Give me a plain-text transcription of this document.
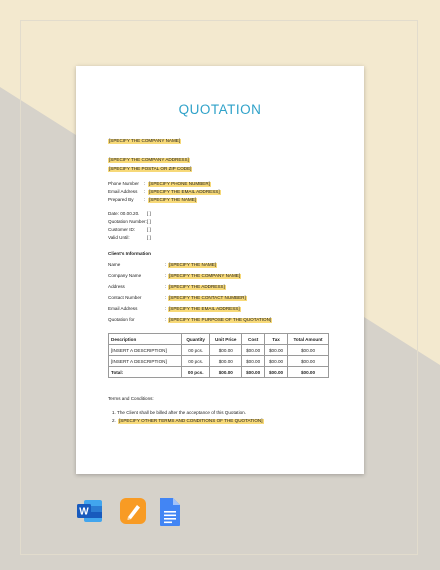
QUOTATION
[SPECIFY THE COMPANY NAME]
[SPECIFY THE COMPANY ADDRESS]
[SPECIFY THE POSTAL OR ZIP CODE]
Phone Number : [SPECIFY PHONE NUMBER]
Email Address : [SPECIFY THE EMAIL ADDRESS]
Prepared By : [SPECIFY THE NAME]
Date: 00.00.20. [ ]
Quotation Number: [ ]
Customer ID:	[ ]
Valid Until:	[ ]
Client's Information
Name	: [SPECIFY THE NAME]
Company Name	: [SPECIFY THE COMPANY NAME]
Address	: [SPECIFY THE ADDRESS]
Contact Number	: [SPECIFY THE CONTACT NUMBER]
Email Address	: [SPECIFY THE EMAIL ADDRESS]
Quotation for	: [SPECIFY THE PURPOSE OF THE QUOTATION]
Description	Quantity	Unit Price	Cost	Tax	Total Amount
[INSERT A DESCRIPTION]	00 pcs.	$00.00	$00.00	$00.00	$00.00
[INSERT A DESCRIPTION]	00 pcs.	$00.00	$00.00	$00.00	$00.00
Total:	00 pcs.	$00.00	$00.00	$00.00	$00.00
Terms and Conditions:
1. The Client shall be billed after the acceptance of this Quotation.
2. [SPECIFY OTHER TERMS AND CONDITIONS OF THE QUOTATION]
W
